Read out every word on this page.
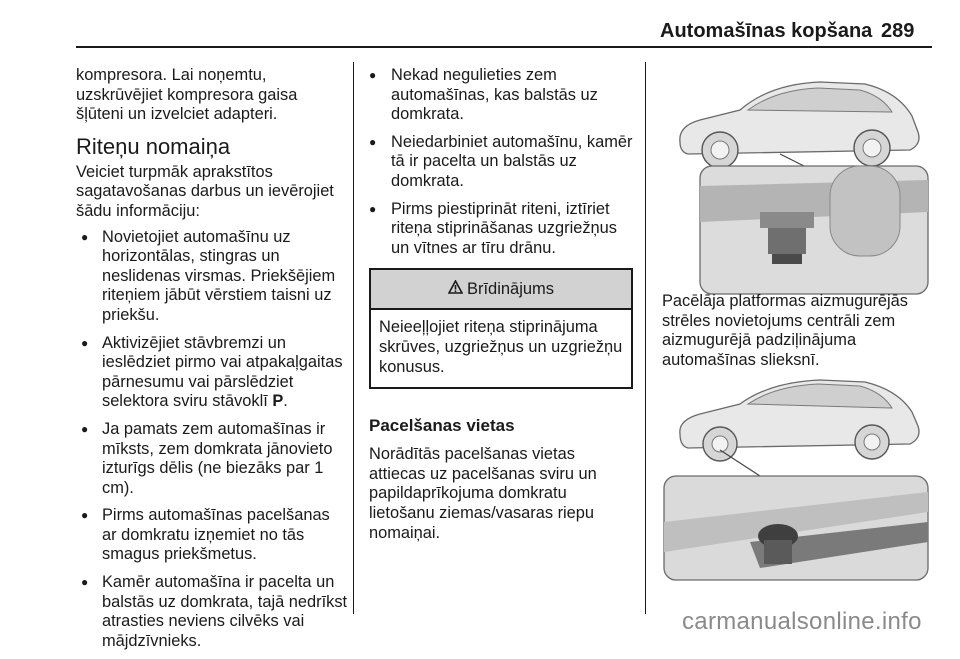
Automašīnas kopšana 289

kompresora. Lai noņemtu, uzskrūvējiet kompresora gaisa šļūteni un izvelciet adapteri.

Riteņu nomaiņa

Veiciet turpmāk aprakstītos sagatavošanas darbus un ievērojiet šādu informāciju:

● Novietojiet automašīnu uz horizontālas, stingras un neslidenas virsmas. Priekšējiem riteņiem jābūt vērstiem taisni uz priekšu.
● Aktivizējiet stāvbremzi un ieslēdziet pirmo vai atpakaļgaitas pārnesumu vai pārslēdziet selektora sviru stāvoklī P.
● Ja pamats zem automašīnas ir mīksts, zem domkrata jānovieto izturīgs dēlis (ne biezāks par 1 cm).
● Pirms automašīnas pacelšanas ar domkratu izņemiet no tās smagus priekšmetus.
● Kamēr automašīna ir pacelta un balstās uz domkrata, tajā nedrīkst atrasties neviens cilvēks vai mājdzīvnieks.
● Nekad negulieties zem automašīnas, kas balstās uz domkrata.
● Neiedarbiniet automašīnu, kamēr tā ir pacelta un balstās uz domkrata.
● Pirms piestiprināt riteni, iztīriet riteņa stiprināšanas uzgriežņus un vītnes ar tīru drānu.
Brīdinājums
Neieeļļojiet riteņa stiprinājuma skrūves, uzgriežņus un uzgriežņu konusus.
Pacelšanas vietas

Norādītās pacelšanas vietas attiecas uz pacelšanas sviru un papildaprīkojuma domkratu lietošanu ziemas/vasaras riepu nomaiņai.

Pacēlāja platformas aizmugurējās strēles novietojums centrāli zem aizmugurējā padziļinājuma automašīnas slieksnī.

carmanualsonline.info
